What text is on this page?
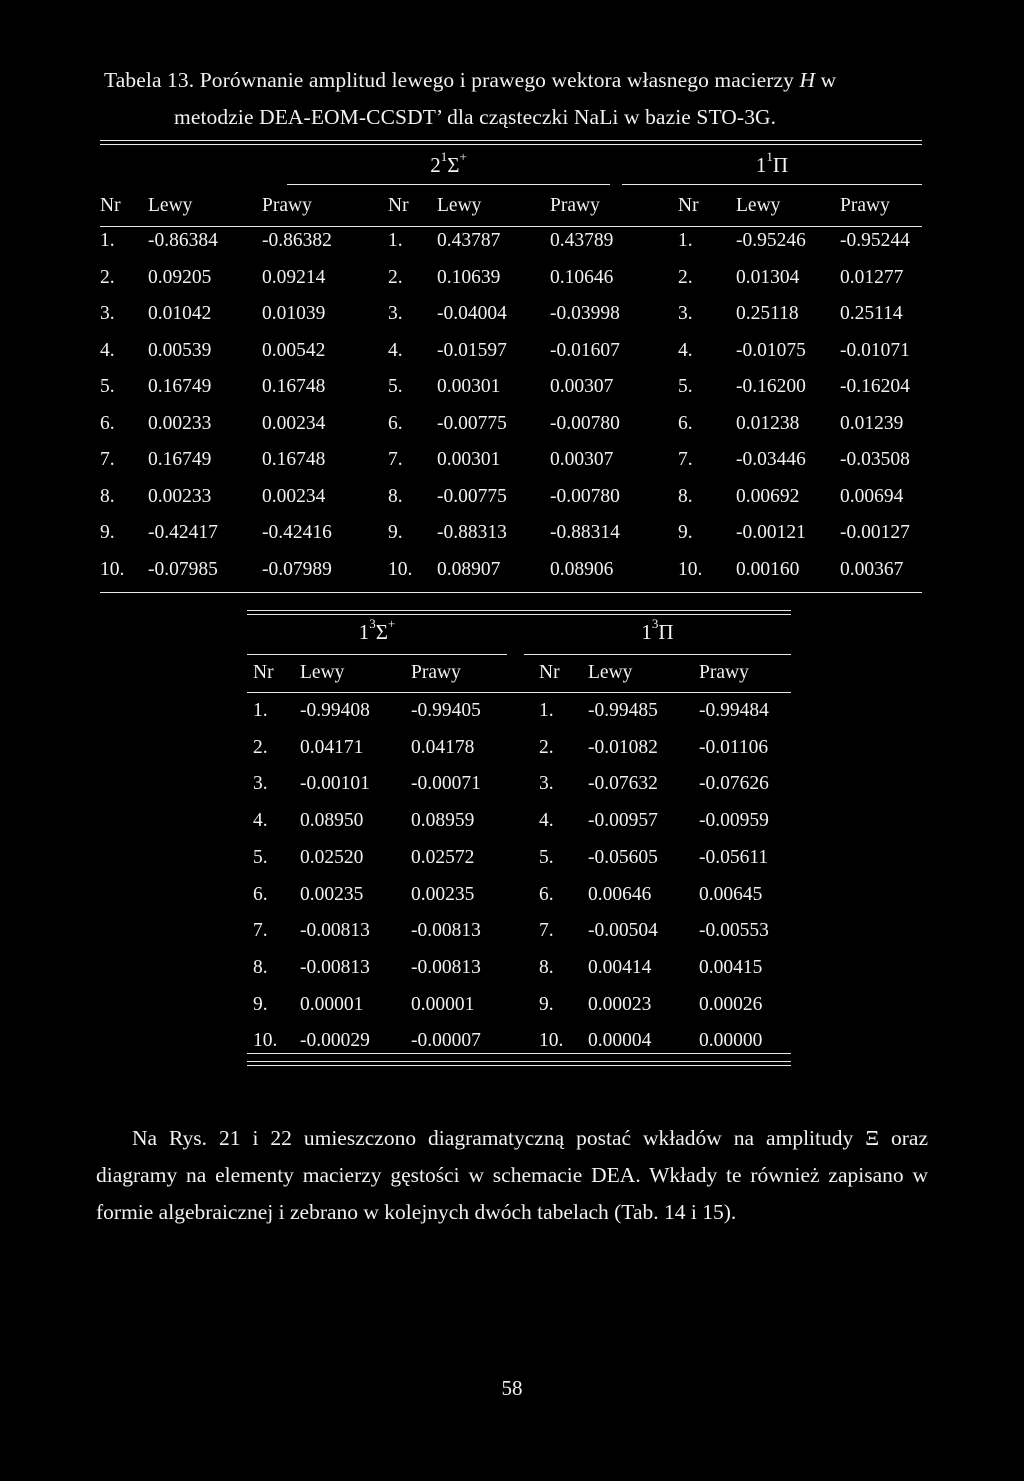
Tabela 13. Porównanie amplitud lewego i prawego wektora własnego macierzy H w
metodzie DEA-EOM-CCSDT’ dla cząsteczki NaLi w bazie STO-3G.
$2^1\Sigma^+$	$1^1\Pi$
Nr Lewy	Prawy	Nr Lewy	Prawy	Nr Lewy	Prawy
1. -0.86384 -0.86382	1. 0.43787	0.43789	1. -0.95246 -0.95244
2. 0.09205	0.09214	2. 0.10639	0.10646	2. 0.01304 0.01277
3. 0.01042	0.01039	3. -0.04004 -0.03998	3. 0.25118 0.25114
4. 0.00539	0.00542	4. -0.01597 -0.01607	4. -0.01075 -0.01071
5. 0.16749	0.16748	5. 0.00301	0.00307	5. -0.16200 -0.16204
6. 0.00233	0.00234	6. -0.00775 -0.00780	6. 0.01238 0.01239
7. 0.16749	0.16748	7. 0.00301	0.00307	7. -0.03446 -0.03508
8. 0.00233	0.00234	8. -0.00775 -0.00780	8. 0.00692 0.00694
9. -0.42417 -0.42416	9. -0.88313 -0.88314	9. -0.00121 -0.00127
10. -0.07985 -0.07989	10. 0.08907	0.08906	10. 0.00160 0.00367
$1^3\Sigma^+$	$1^3\Pi$
Nr Lewy	Prawy	Nr Lewy	Prawy
1. -0.99408 -0.99405	1. -0.99485 -0.99484
2. 0.04171 0.04178	2. -0.01082 -0.01106
3. -0.00101 -0.00071	3. -0.07632 -0.07626
4. 0.08950 0.08959	4. -0.00957 -0.00959
5. 0.02520 0.02572	5. -0.05605 -0.05611
6. 0.00235 0.00235	6. 0.00646 0.00645
7. -0.00813 -0.00813	7. -0.00504 -0.00553
8. -0.00813 -0.00813	8. 0.00414 0.00415
9. 0.00001 0.00001	9. 0.00023 0.00026
10. -0.00029 -0.00007	10. 0.00004 0.00000
Na Rys. 21 i 22 umieszczono diagramatyczną postać wkładów na amplitudy Ξ oraz diagramy na elementy macierzy gęstości w schemacie DEA. Wkłady te również zapisano w formie algebraicznej i zebrano w kolejnych dwóch tabelach (Tab. 14 i 15).
58
